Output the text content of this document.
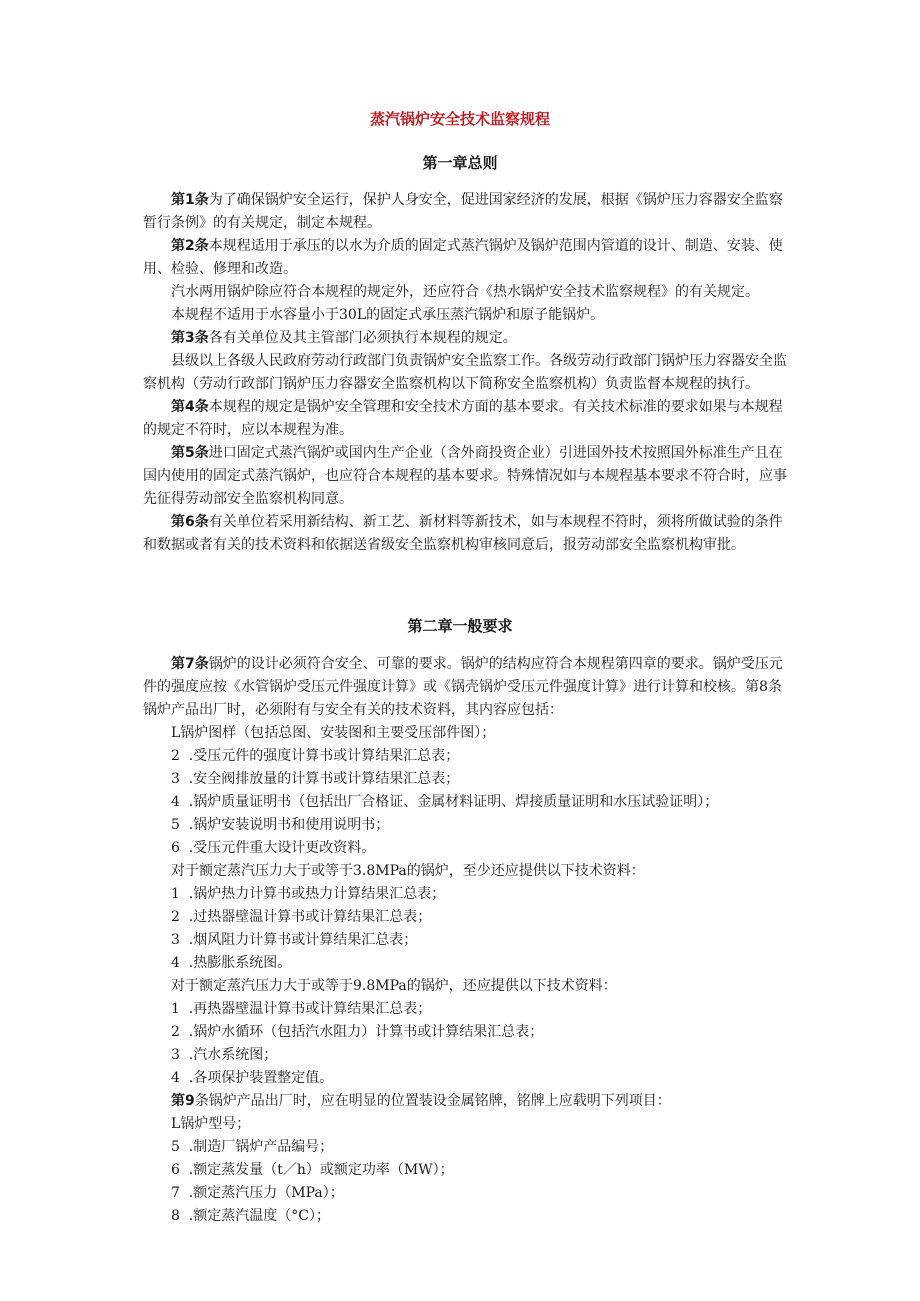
蒸汽锅炉安全技术监察规程
第一章总则

第1条为了确保锅炉安全运行，保护人身安全，促进国家经济的发展，根据《锅炉压力容器安全监察暂行条例》的有关规定，制定本规程。

第2条本规程适用于承压的以水为介质的固定式蒸汽锅炉及锅炉范围内管道的设计、制造、安装、使用、检验、修理和改造。

汽水两用锅炉除应符合本规程的规定外，还应符合《热水锅炉安全技术监察规程》的有关规定。

本规程不适用于水容量小于30L的固定式承压蒸汽锅炉和原子能锅炉。

第3条各有关单位及其主管部门必须执行本规程的规定。

县级以上各级人民政府劳动行政部门负责锅炉安全监察工作。各级劳动行政部门锅炉压力容器安全监察机构（劳动行政部门锅炉压力容器安全监察机构以下简称安全监察机构）负责监督本规程的执行。

第4条本规程的规定是锅炉安全管理和安全技术方面的基本要求。有关技术标准的要求如果与本规程的规定不符时，应以本规程为准。

第5条进口固定式蒸汽锅炉或国内生产企业（含外商投资企业）引进国外技术按照国外标准生产且在国内使用的固定式蒸汽锅炉，也应符合本规程的基本要求。特殊情况如与本规程基本要求不符合时，应事先征得劳动部安全监察机构同意。

第6条有关单位若采用新结构、新工艺、新材料等新技术，如与本规程不符时，须将所做试验的条件和数据或者有关的技术资料和依据送省级安全监察机构审核同意后，报劳动部安全监察机构审批。

第二章一般要求

第7条锅炉的设计必须符合安全、可靠的要求。锅炉的结构应符合本规程第四章的要求。锅炉受压元件的强度应按《水管锅炉受压元件强度计算》或《锅壳锅炉受压元件强度计算》进行计算和校核。第8条锅炉产品出厂时，必须附有与安全有关的技术资料，其内容应包括：

L锅炉图样（包括总图、安装图和主要受压部件图）；
2  .受压元件的强度计算书或计算结果汇总表；
3  .安全阀排放量的计算书或计算结果汇总表；
4  .锅炉质量证明书（包括出厂合格证、金属材料证明、焊接质量证明和水压试验证明）；
5  .锅炉安装说明书和使用说明书；
6  .受压元件重大设计更改资料。
对于额定蒸汽压力大于或等于3.8MPa的锅炉，至少还应提供以下技术资料：
1  .锅炉热力计算书或热力计算结果汇总表；
2  .过热器壁温计算书或计算结果汇总表；
3  .烟风阻力计算书或计算结果汇总表；
4  .热膨胀系统图。
对于额定蒸汽压力大于或等于9.8MPa的锅炉，还应提供以下技术资料：
1  .再热器壁温计算书或计算结果汇总表；
2  .锅炉水循环（包括汽水阻力）计算书或计算结果汇总表；
3  .汽水系统图；
4  .各项保护装置整定值。
第9条锅炉产品出厂时，应在明显的位置装设金属铭牌，铭牌上应载明下列项目：
L锅炉型号；
5  .制造厂锅炉产品编号；
6  .额定蒸发量（t／h）或额定功率（MW）；
7  .额定蒸汽压力（MPa）；
8  .额定蒸汽温度（°C）；
